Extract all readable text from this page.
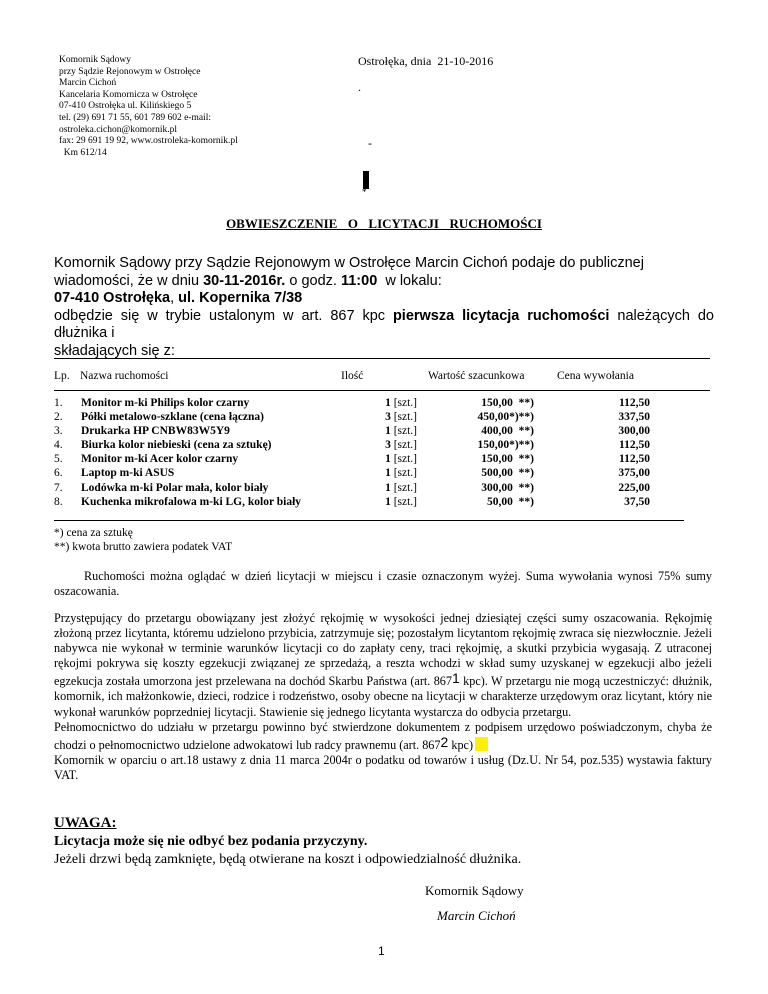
Komornik Sądowy
przy Sądzie Rejonowym w Ostrołęce
Marcin Cichoń
Kancelaria Komornicza w Ostrołęce
07-410 Ostrołęka ul. Kilińskiego 5
tel. (29) 691 71 55, 601 789 602 e-mail:
ostroleka.cichon@komornik.pl
fax: 29 691 19 92, www.ostroleka-komornik.pl
Km 612/14
Ostrołęka, dnia  21-10-2016
.
-
*
OBWIESZCZENIE  O  LICYTACJI  RUCHOMOŚCI

Komornik Sądowy przy Sądzie Rejonowym w Ostrołęce Marcin Cichoń podaje do publicznej

wiadomości, że w dniu 30-11-2016r. o godz. 11:00  w lokalu:

07-410 Ostrołęka, ul. Kopernika 7/38

odbędzie się w trybie ustalonym w art. 867 kpc pierwsza licytacja ruchomości należących do dłużnika i

składających się z:

Lp. Nazwa ruchomości	Ilość	Wartość szacunkowa	Cena wywołania
1. Monitor m-ki Philips kolor czarny	1 [szt.]	150,00  **)	112,50
2. Półki metalowo-szklane (cena łączna)	3 [szt.]	450,00*)**)	337,50
3. Drukarka HP CNBW83W5Y9	1 [szt.]	400,00  **)	300,00
4. Biurka kolor niebieski (cena za sztukę)	3 [szt.]	150,00*)**)	112,50
5. Monitor m-ki Acer kolor czarny	1 [szt.]	150,00  **)	112,50
6. Laptop m-ki ASUS	1 [szt.]	500,00  **)	375,00
7. Lodówka m-ki Polar mała, kolor biały	1 [szt.]	300,00  **)	225,00
8. Kuchenka mikrofalowa m-ki LG, kolor biały	1 [szt.]	50,00  **)	37,50
*) cena za sztukę
**) kwota brutto zawiera podatek VAT
Ruchomości można oglądać w dzień licytacji w miejscu i czasie oznaczonym wyżej. Suma wywołania wynosi 75% sumy oszacowania.

Przystępujący do przetargu obowiązany jest złożyć rękojmię w wysokości jednej dziesiątej części sumy oszacowania. Rękojmię złożoną przez licytanta, któremu udzielono przybicia, zatrzymuje się; pozostałym licytantom rękojmię zwraca się niezwłocznie. Jeżeli nabywca nie wykonał w terminie warunków licytacji co do zapłaty ceny, traci rękojmię, a skutki przybicia wygasają. Z utraconej rękojmi pokrywa się koszty egzekucji związanej ze sprzedażą, a reszta wchodzi w skład sumy uzyskanej w egzekucji albo jeżeli egzekucja została umorzona jest przelewana na dochód Skarbu Państwa (art. 8671 kpc). W przetargu nie mogą uczestniczyć: dłużnik, komornik, ich małżonkowie, dzieci, rodzice i rodzeństwo, osoby obecne na licytacji w charakterze urzędowym oraz licytant, który nie wykonał warunków poprzedniej licytacji. Stawienie się jednego licytanta wystarcza do odbycia przetargu.

Pełnomocnictwo do udziału w przetargu powinno być stwierdzone dokumentem z podpisem urzędowo poświadczonym, chyba że chodzi o pełnomocnictwo udzielone adwokatowi lub radcy prawnemu (art. 8672 kpc)

Komornik w oparciu o art.18 ustawy z dnia 11 marca 2004r o podatku od towarów i usług (Dz.U. Nr 54, poz.535) wystawia faktury VAT.

UWAGA:
Licytacja może się nie odbyć bez podania przyczyny.
Jeżeli drzwi będą zamknięte, będą otwierane na koszt i odpowiedzialność dłużnika.
Komornik Sądowy
Marcin Cichoń
1
